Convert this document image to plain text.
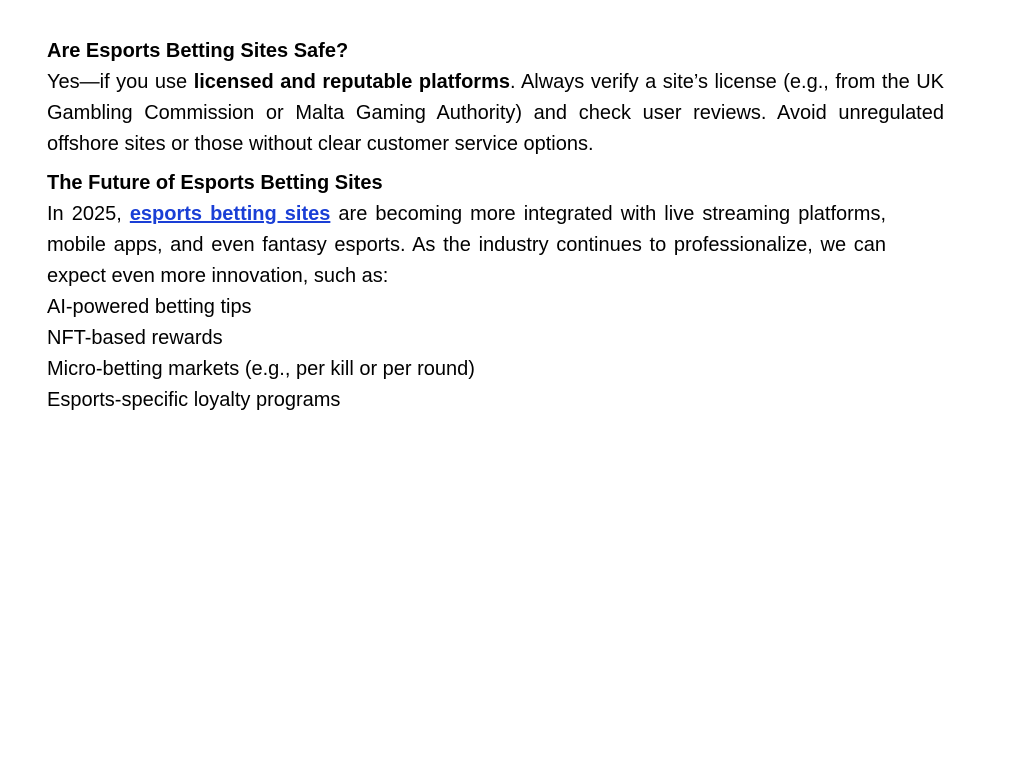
Are Esports Betting Sites Safe?

Yes—if you use licensed and reputable platforms. Always verify a site’s license (e.g., from the UK Gambling Commission or Malta Gaming Authority) and check user reviews. Avoid unregulated offshore sites or those without clear customer service options.

The Future of Esports Betting Sites

In 2025, esports betting sites are becoming more integrated with live streaming platforms, mobile apps, and even fantasy esports. As the industry continues to professionalize, we can expect even more innovation, such as:

AI-powered betting tips
NFT-based rewards
Micro-betting markets (e.g., per kill or per round)
Esports-specific loyalty programs
